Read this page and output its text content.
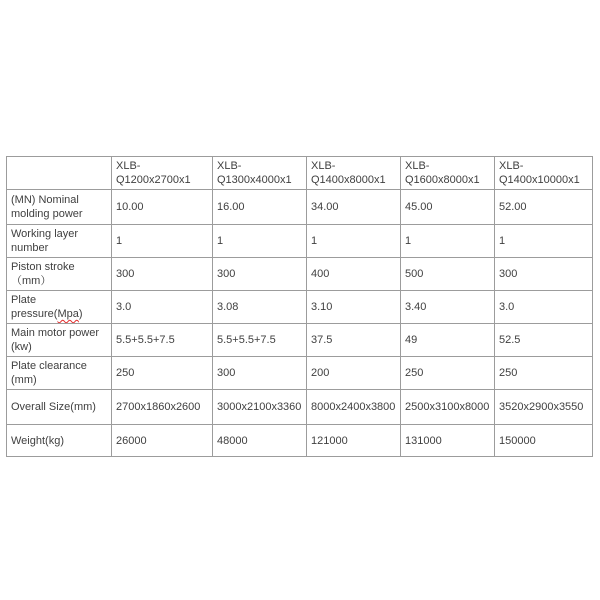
	XLB-Q1200x2700x1	XLB-Q1300x4000x1	XLB-Q1400x8000x1	XLB-Q1600x8000x1	XLB-Q1400x10000x1
(MN) Nominal molding power	10.00	16.00	34.00	45.00	52.00
Working layer number	1	1	1	1	1
Piston stroke （mm）	300	300	400	500	300
Plate pressure(Mpa)	3.0	3.08	3.10	3.40	3.0
Main motor power (kw)	5.5+5.5+7.5	5.5+5.5+7.5	37.5	49	52.5
Plate clearance (mm)	250	300	200	250	250
Overall Size(mm)	2700x1860x2600	3000x2100x3360	8000x2400x3800	2500x3100x8000	3520x2900x3550
Weight(kg)	26000	48000	121000	131000	150000
